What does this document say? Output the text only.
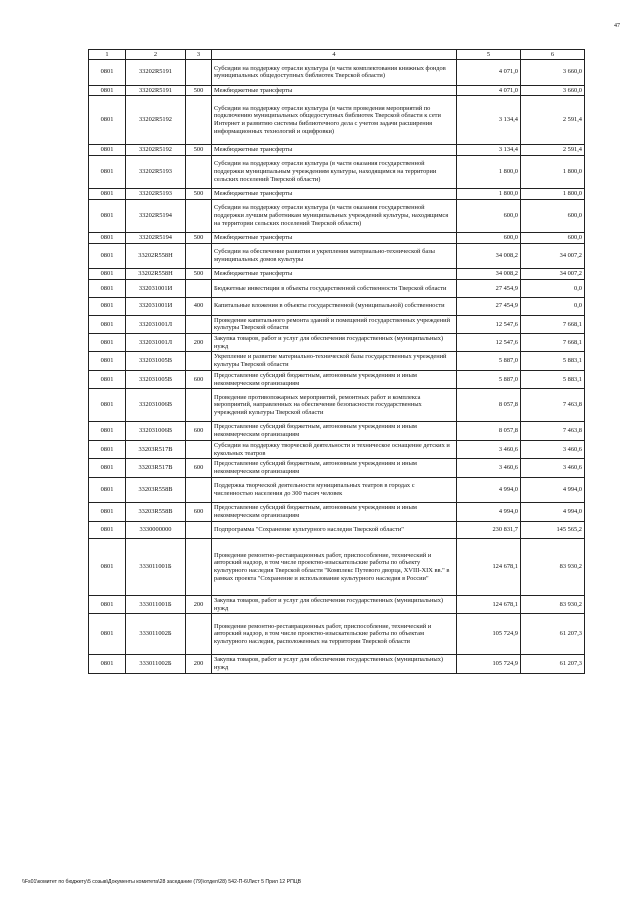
47
1	2	3	4	5	6
0801	33202R5191		Субсидии на поддержку отрасли культура (в части комплектования книжных фондов муниципальных общедоступных библиотек Тверской области)	4 071,0	3 660,0
0801	33202R5191	500	Межбюджетные трансферты	4 071,0	3 660,0
0801	33202R5192		Субсидии на поддержку отрасли культура (в части проведения мероприятий по подключению муниципальных общедоступных библиотек Тверской области к сети Интернет и развитию системы библиотечного дела с учетом задачи расширения информационных технологий и оцифровки)	3 134,4	2 591,4
0801	33202R5192	500	Межбюджетные трансферты	3 134,4	2 591,4
0801	33202R5193		Субсидии на поддержку отрасли культура (в части оказания государственной поддержки муниципальным учреждениям культуры, находящимся на территории сельских поселений Тверской области)	1 800,0	1 800,0
0801	33202R5193	500	Межбюджетные трансферты	1 800,0	1 800,0
0801	33202R5194		Субсидии на поддержку отрасли культура (в части оказания государственной поддержки лучшим работникам муниципальных учреждений культуры, находящимся на территории сельских поселений Тверской области)	600,0	600,0
0801	33202R5194	500	Межбюджетные трансферты	600,0	600,0
0801	33202R558Н		Субсидии на обеспечение развития и укрепления материально-технической базы муниципальных домов культуры	34 008,2	34 007,2
0801	33202R558Н	500	Межбюджетные трансферты	34 008,2	34 007,2
0801	332031001И		Бюджетные инвестиции в объекты государственной собственности Тверской области	27 454,9	0,0
0801	332031001И	400	Капитальные вложения в объекты государственной (муниципальной) собственности	27 454,9	0,0
0801	332031001Л		Проведение капитального ремонта зданий и помещений государственных учреждений культуры Тверской области	12 547,6	7 668,1
0801	332031001Л	200	Закупка товаров, работ и услуг для обеспечения государственных (муниципальных) нужд	12 547,6	7 668,1
0801	332031005В		Укрепление и развитие материально-технической базы государственных учреждений культуры Тверской области	5 887,0	5 883,1
0801	332031005В	600	Предоставление субсидий бюджетным, автономным учреждениям и иным некоммерческим организациям	5 887,0	5 883,1
0801	332031006В		Проведение противопожарных мероприятий, ремонтных работ и комплекса мероприятий, направленных на обеспечение безопасности государственных учреждений культуры Тверской области	8 057,8	7 463,8
0801	332031006В	600	Предоставление субсидий бюджетным, автономным учреждениям и иным некоммерческим организациям	8 057,8	7 463,8
0801	33203R517В		Субсидии на поддержку творческой деятельности и техническое оснащение детских и кукольных театров	3 460,6	3 460,6
0801	33203R517В	600	Предоставление субсидий бюджетным, автономным учреждениям и иным некоммерческим организациям	3 460,6	3 460,6
0801	33203R558В		Поддержка творческой деятельности муниципальных театров в городах с численностью населения до 300 тысяч человек	4 994,0	4 994,0
0801	33203R558В	600	Предоставление субсидий бюджетным, автономным учреждениям и иным некоммерческим организациям	4 994,0	4 994,0
0801	3330000000		Подпрограмма "Сохранение культурного наследия Тверской области"	230 831,7	145 565,2
0801	333011001Б		Проведение ремонтно-реставрационных работ, приспособление, технический и авторский надзор, в том числе проектно-изыскательские работы по объекту культурного наследия Тверской области "Комплекс Путевого дворца, XVIII-XIX вв." в рамках проекта "Сохранение и использование культурного наследия в России"	124 678,1	83 930,2
0801	333011001Б	200	Закупка товаров, работ и услуг для обеспечения государственных (муниципальных) нужд	124 678,1	83 930,2
0801	333011002Б		Проведение ремонтно-реставрационных работ, приспособление, технический и авторский надзор, в том числе проектно-изыскательские работы по объектам культурного наследия, расположенных на территории Тверской области	105 724,9	61 207,3
0801	333011002Б	200	Закупка товаров, работ и услуг для обеспечения государственных (муниципальных) нужд	105 724,9	61 207,3
\\Fs01\комитет по бюджету\5 созыв\Документы комитета\28 заседание (79)\отдел\28) 542-П-6\Лист 5 Прил 12 РПЦВ
